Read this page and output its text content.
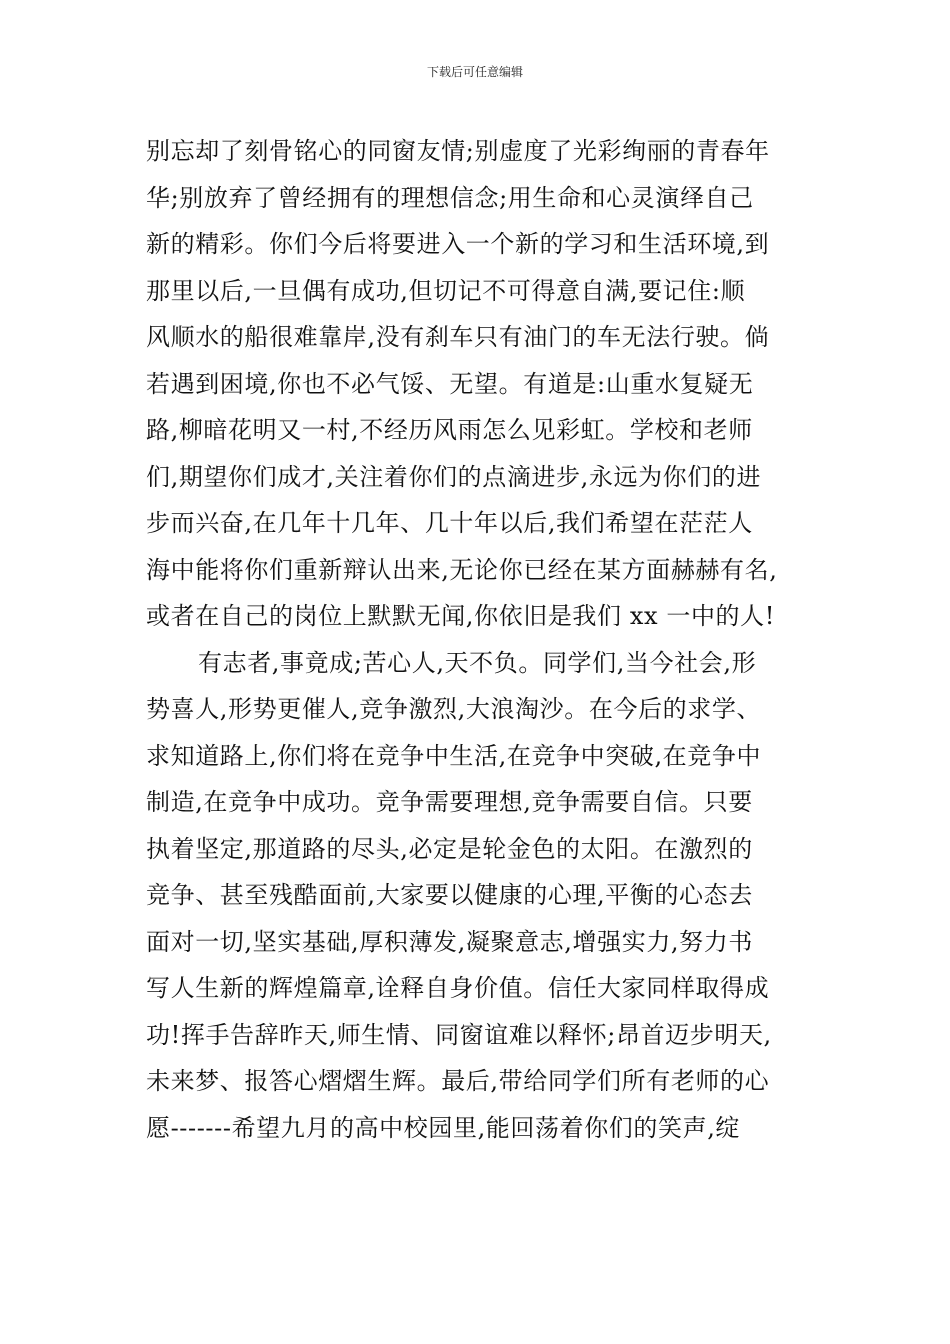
下载后可任意编辑
别忘却了刻骨铭心的同窗友情;别虚度了光彩绚丽的青春年
华;别放弃了曾经拥有的理想信念;用生命和心灵演绎自己
新的精彩。你们今后将要进入一个新的学习和生活环境,到
那里以后,一旦偶有成功,但切记不可得意自满,要记住:顺
风顺水的船很难靠岸,没有刹车只有油门的车无法行驶。倘
若遇到困境,你也不必气馁、无望。有道是:山重水复疑无
路,柳暗花明又一村,不经历风雨怎么见彩虹。学校和老师
们,期望你们成才,关注着你们的点滴进步,永远为你们的进
步而兴奋,在几年十几年、几十年以后,我们希望在茫茫人
海中能将你们重新辩认出来,无论你已经在某方面赫赫有名,
或者在自己的岗位上默默无闻,你依旧是我们 xx 一中的人!
有志者,事竟成;苦心人,天不负。同学们,当今社会,形
势喜人,形势更催人,竞争激烈,大浪淘沙。在今后的求学、
求知道路上,你们将在竞争中生活,在竞争中突破,在竞争中
制造,在竞争中成功。竞争需要理想,竞争需要自信。只要
执着坚定,那道路的尽头,必定是轮金色的太阳。在激烈的
竞争、甚至残酷面前,大家要以健康的心理,平衡的心态去
面对一切,坚实基础,厚积薄发,凝聚意志,增强实力,努力书
写人生新的辉煌篇章,诠释自身价值。信任大家同样取得成
功!挥手告辞昨天,师生情、同窗谊难以释怀;昂首迈步明天,
未来梦、报答心熠熠生辉。最后,带给同学们所有老师的心
愿-------希望九月的高中校园里,能回荡着你们的笑声,绽
